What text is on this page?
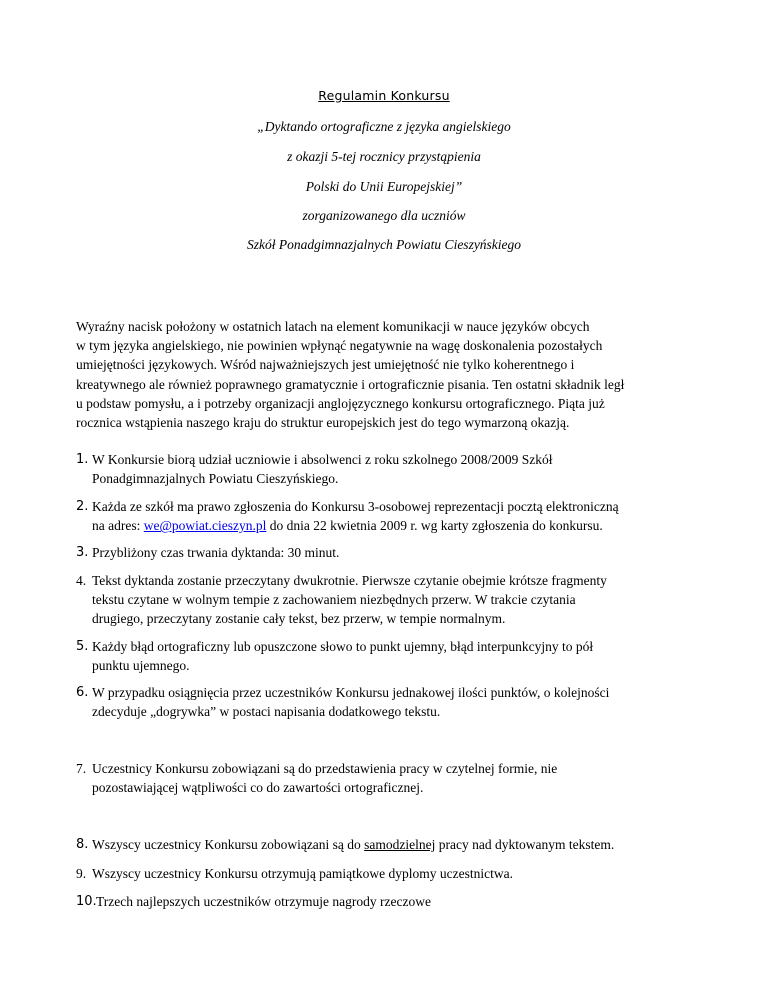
Regulamin Konkursu
„Dyktando ortograficzne z języka angielskiego
z okazji 5-tej rocznicy przystąpienia
Polski do Unii Europejskiej”
zorganizowanego dla uczniów
Szkół Ponadgimnazjalnych Powiatu Cieszyńskiego
Wyraźny nacisk położony w ostatnich latach na element komunikacji w nauce języków obcych
w tym języka angielskiego, nie powinien wpłynąć negatywnie na wagę doskonalenia pozostałych
umiejętności językowych. Wśród najważniejszych jest umiejętność nie tylko koherentnego i
kreatywnego ale również poprawnego gramatycznie i ortograficznie pisania. Ten ostatni składnik legł
u podstaw pomysłu, a i potrzeby organizacji anglojęzycznego konkursu ortograficznego. Piąta już
rocznica wstąpienia naszego kraju do struktur europejskich jest do tego wymarzoną okazją.
1. W Konkursie biorą udział uczniowie i absolwenci z roku szkolnego 2008/2009 Szkół
Ponadgimnazjalnych Powiatu Cieszyńskiego.
2. Każda ze szkół ma prawo zgłoszenia do Konkursu 3-osobowej reprezentacji pocztą elektroniczną
na adres: we@powiat.cieszyn.pl do dnia 22 kwietnia 2009 r. wg karty zgłoszenia do konkursu.
3. Przybliżony czas trwania dyktanda: 30 minut.
4. Tekst dyktanda zostanie przeczytany dwukrotnie. Pierwsze czytanie obejmie krótsze fragmenty
tekstu czytane w wolnym tempie z zachowaniem niezbędnych przerw. W trakcie czytania
drugiego, przeczytany zostanie cały tekst, bez przerw, w tempie normalnym.
5. Każdy błąd ortograficzny lub opuszczone słowo to punkt ujemny, błąd interpunkcyjny to pół
punktu ujemnego.
6. W przypadku osiągnięcia przez uczestników Konkursu jednakowej ilości punktów, o kolejności
zdecyduje „dogrywka” w postaci napisania dodatkowego tekstu.
7. Uczestnicy Konkursu zobowiązani są do przedstawienia pracy w czytelnej formie, nie
pozostawiającej wątpliwości co do zawartości ortograficznej.
8. Wszyscy uczestnicy Konkursu zobowiązani są do samodzielnej pracy nad dyktowanym tekstem.
9. Wszyscy uczestnicy Konkursu otrzymują pamiątkowe dyplomy uczestnictwa.
10. Trzech najlepszych uczestników otrzymuje nagrody rzeczowe
